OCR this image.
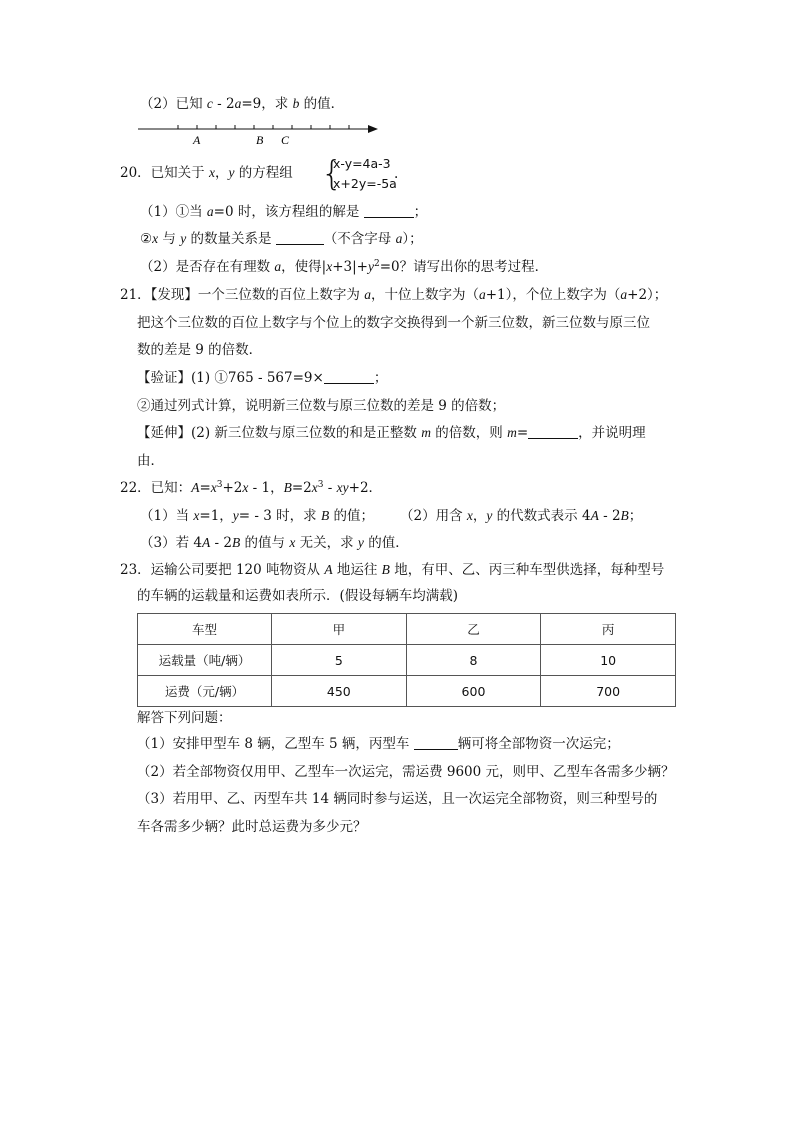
（2）已知 c - 2a=9，求 b 的值．
A	B C
20．已知关于 x，y 的方程组 {
x-y=4a-3
x+2y=-5a
.
（1）①当 a=0 时，该方程组的解是	；
②x 与 y 的数量关系是	（不含字母 a）；
（2）是否存在有理数 a，使得$|x+3|+y^2=0$？请写出你的思考过程．
21．【发现】一个三位数的百位上数字为 a，十位上数字为（a+1），个位上数字为（a+2）；
把这个三位数的百位上数字与个位上的数字交换得到一个新三位数，新三位数与原三位
数的差是 9 的倍数．
【验证】(1) ①765 - 567=9×	；
②通过列式计算，说明新三位数与原三位数的差是 9 的倍数；
【延伸】(2) 新三位数与原三位数的和是正整数 m 的倍数，则 m=	，并说明理
由．
22．已知：$A=x^3+2x - 1$，$B=2x^3 - xy+2$．
（1）当 x=1，y= - 3 时，求 B 的值； （2）用含 x，y 的代数式表示 4A - 2B；
（3）若 4A - 2B 的值与 x 无关，求 y 的值．
23．运输公司要把 120 吨物资从 A 地运往 B 地，有甲、乙、丙三种车型供选择，每种型号
的车辆的运载量和运费如表所示．(假设每辆车均满载)
车型	甲	乙	丙
运载量（吨/辆）	5	8	10
运费（元/辆）	450	600	700
解答下列问题：
（1）安排甲型车 8 辆，乙型车 5 辆，丙型车	辆可将全部物资一次运完；
（2）若全部物资仅用甲、乙型车一次运完，需运费 9600 元，则甲、乙型车各需多少辆？
（3）若用甲、乙、丙型车共 14 辆同时参与运送，且一次运完全部物资，则三种型号的
车各需多少辆？此时总运费为多少元？
